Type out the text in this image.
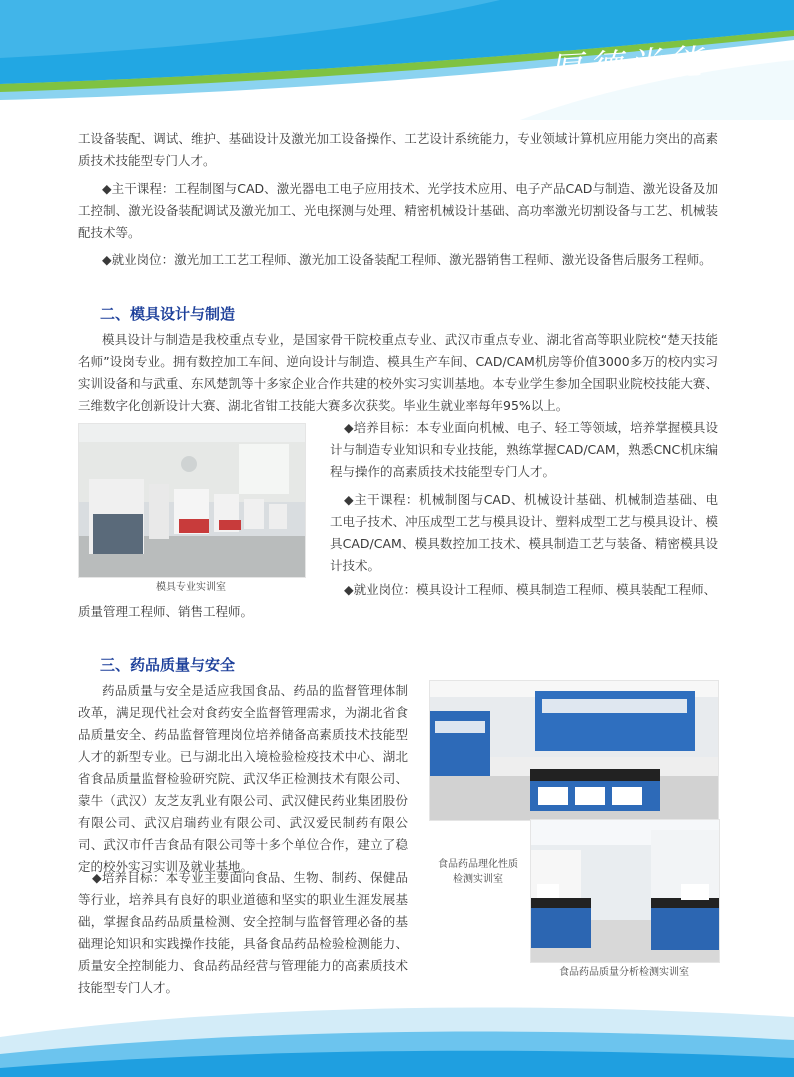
厚德尚能

工设备装配、调试、维护、基础设计及激光加工设备操作、工艺设计系统能力，专业领域计算机应用能力突出的高素质技术技能型专门人才。

◆主干课程：工程制图与CAD、激光器电工电子应用技术、光学技术应用、电子产品CAD与制造、激光设备及加工控制、激光设备装配调试及激光加工、光电探测与处理、精密机械设计基础、高功率激光切割设备与工艺、机械装配技术等。

◆就业岗位：激光加工工艺工程师、激光加工设备装配工程师、激光器销售工程师、激光设备售后服务工程师。

二、模具设计与制造

模具设计与制造是我校重点专业，是国家骨干院校重点专业、武汉市重点专业、湖北省高等职业院校“楚天技能名师”设岗专业。拥有数控加工车间、逆向设计与制造、模具生产车间、CAD/CAM机房等价值3000多万的校内实习实训设备和与武重、东风楚凯等十多家企业合作共建的校外实习实训基地。本专业学生参加全国职业院校技能大赛、三维数字化创新设计大赛、湖北省钳工技能大赛多次获奖。毕业生就业率每年95%以上。

模具专业实训室

◆培养目标：本专业面向机械、电子、轻工等领域，培养掌握模具设计与制造专业知识和专业技能，熟练掌握CAD/CAM，熟悉CNC机床编程与操作的高素质技术技能型专门人才。

◆主干课程：机械制图与CAD、机械设计基础、机械制造基础、电工电子技术、冲压成型工艺与模具设计、塑料成型工艺与模具设计、模具CAD/CAM、模具数控加工技术、模具制造工艺与装备、精密模具设计技术。

◆就业岗位：模具设计工程师、模具制造工程师、模具装配工程师、

质量管理工程师、销售工程师。

三、药品质量与安全

药品质量与安全是适应我国食品、药品的监督管理体制改革，满足现代社会对食药安全监督管理需求，为湖北省食品质量安全、药品监督管理岗位培养储备高素质技术技能型人才的新型专业。已与湖北出入境检验检疫技术中心、湖北省食品质量监督检验研究院、武汉华正检测技术有限公司、蒙牛（武汉）友芝友乳业有限公司、武汉健民药业集团股份有限公司、武汉启瑞药业有限公司、武汉爱民制药有限公司、武汉市仟吉食品有限公司等十多个单位合作，建立了稳定的校外实习实训及就业基地。

◆培养目标：本专业主要面向食品、生物、制药、保健品等行业，培养具有良好的职业道德和坚实的职业生涯发展基础，掌握食品药品质量检测、安全控制与监督管理必备的基础理论知识和实践操作技能，具备食品药品检验检测能力、质量安全控制能力、食品药品经营与管理能力的高素质技术技能型专门人才。

食品药品理化性质
检测实训室
食品药品质量分析检测实训室
